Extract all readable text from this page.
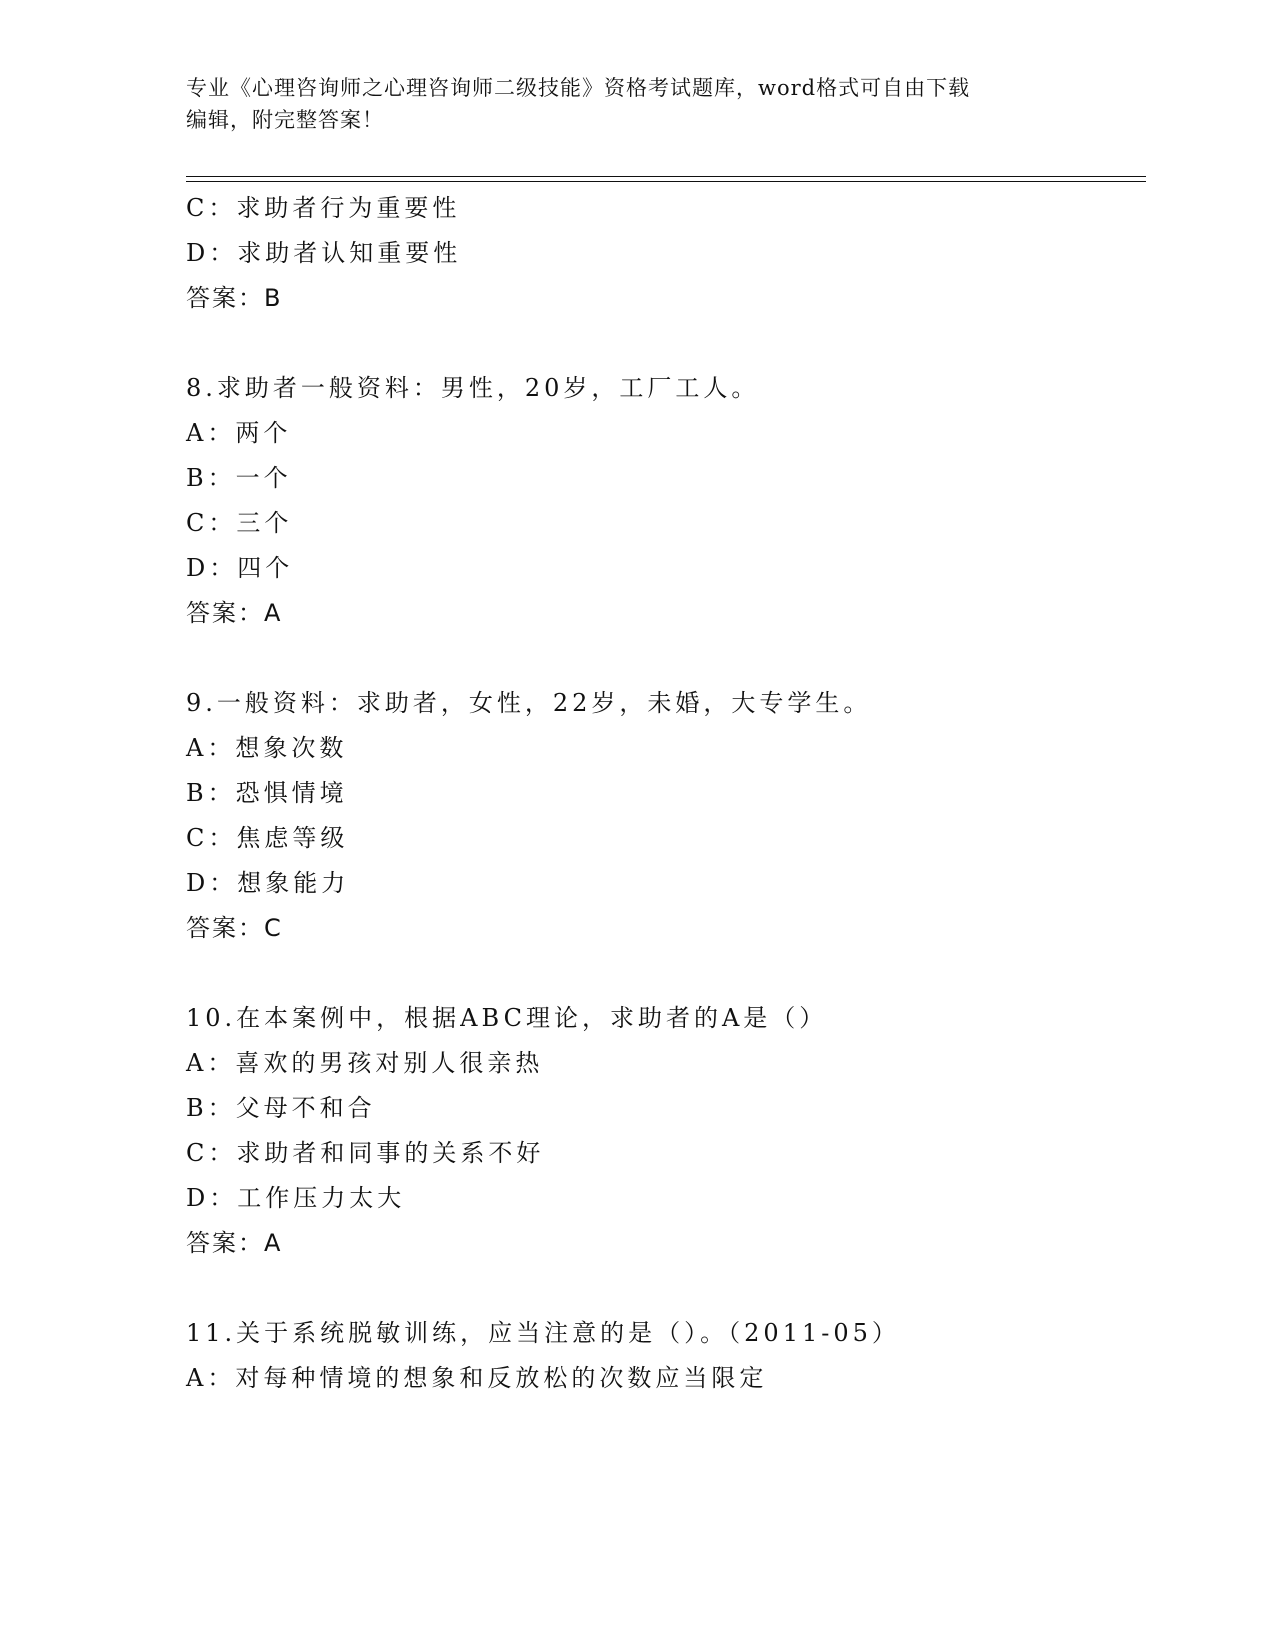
专业《心理咨询师之心理咨询师二级技能》资格考试题库，word格式可自由下载
编辑，附完整答案！
C：求助者行为重要性
D：求助者认知重要性
答案：B
8.求助者一般资料：男性，20岁，工厂工人。
A：两个
B：一个
C：三个
D：四个
答案：A
9.一般资料：求助者，女性，22岁，未婚，大专学生。
A：想象次数
B：恐惧情境
C：焦虑等级
D：想象能力
答案：C
10.在本案例中，根据ABC理论，求助者的A是（）
A：喜欢的男孩对别人很亲热
B：父母不和合
C：求助者和同事的关系不好
D：工作压力太大
答案：A
11.关于系统脱敏训练，应当注意的是（）。（2011-05）
A：对每种情境的想象和反放松的次数应当限定
